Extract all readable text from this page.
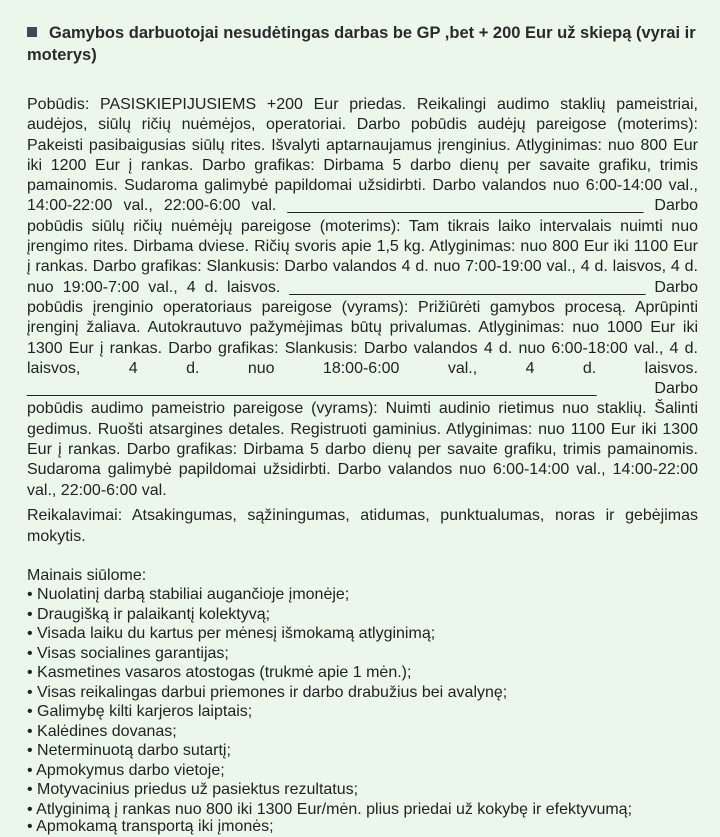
Gamybos darbuotojai nesudėtingas darbas be GP ,bet + 200 Eur už skiepą (vyrai ir moterys)
Pobūdis: PASISKIEPIJUSIEMS +200 Eur priedas. Reikalingi audimo staklių pameistriai, audėjos, siūlų ričių nuėmėjos, operatoriai. Darbo pobūdis audėjų pareigose (moterims): Pakeisti pasibaigusias siūlų rites. Išvalyti aptarnaujamus įrenginius. Atlyginimas: nuo 800 Eur iki 1200 Eur į rankas. Darbo grafikas: Dirbama 5 darbo dienų per savaite grafiku, trimis pamainomis. Sudaroma galimybė papildomai užsidirbti. Darbo valandos nuo 6:00-14:00 val., 14:00-22:00 val., 22:00-6:00 val. ________________________________________ Darbo pobūdis siūlų ričių nuėmėjų pareigose (moterims): Tam tikrais laiko intervalais nuimti nuo įrengimo rites. Dirbama dviese. Ričių svoris apie 1,5 kg. Atlyginimas: nuo 800 Eur iki 1100 Eur į rankas. Darbo grafikas: Slankusis: Darbo valandos 4 d. nuo 7:00-19:00 val., 4 d. laisvos, 4 d. nuo 19:00-7:00 val., 4 d. laisvos. ________________________________________ Darbo pobūdis įrenginio operatoriaus pareigose (vyrams): Prižiūrėti gamybos procesą. Aprūpinti įrenginį žaliava. Autokrautuvo pažymėjimas būtų privalumas. Atlyginimas: nuo 1000 Eur iki 1300 Eur į rankas. Darbo grafikas: Slankusis: Darbo valandos 4 d. nuo 6:00-18:00 val., 4 d. laisvos, 4 d. nuo 18:00-6:00 val., 4 d. laisvos. ________________________________________________________________ Darbo pobūdis audimo pameistrio pareigose (vyrams): Nuimti audinio rietimus nuo staklių. Šalinti gedimus. Ruošti atsargines detales. Registruoti gaminius. Atlyginimas: nuo 1100 Eur iki 1300 Eur į rankas. Darbo grafikas: Dirbama 5 darbo dienų per savaite grafiku, trimis pamainomis. Sudaroma galimybė papildomai užsidirbti. Darbo valandos nuo 6:00-14:00 val., 14:00-22:00 val., 22:00-6:00 val.
Reikalavimai: Atsakingumas, sąžiningumas, atidumas, punktualumas, noras ir gebėjimas mokytis.
Mainais siūlome:
• Nuolatinį darbą stabiliai augančioje įmonėje;
• Draugišką ir palaikantį kolektyvą;
• Visada laiku du kartus per mėnesį išmokamą atlyginimą;
• Visas socialines garantijas;
• Kasmetines vasaros atostogas (trukmė apie 1 mėn.);
• Visas reikalingas darbui priemones ir darbo drabužius bei avalynę;
• Galimybę kilti karjeros laiptais;
• Kalėdines dovanas;
• Neterminuotą darbo sutartį;
• Apmokymus darbo vietoje;
• Motyvacinius priedus už pasiektus rezultatus;
• Atlyginimą į rankas nuo 800 iki 1300 Eur/mėn. plius priedai už kokybę ir efektyvumą;
• Apmokamą transportą iki įmonės;
